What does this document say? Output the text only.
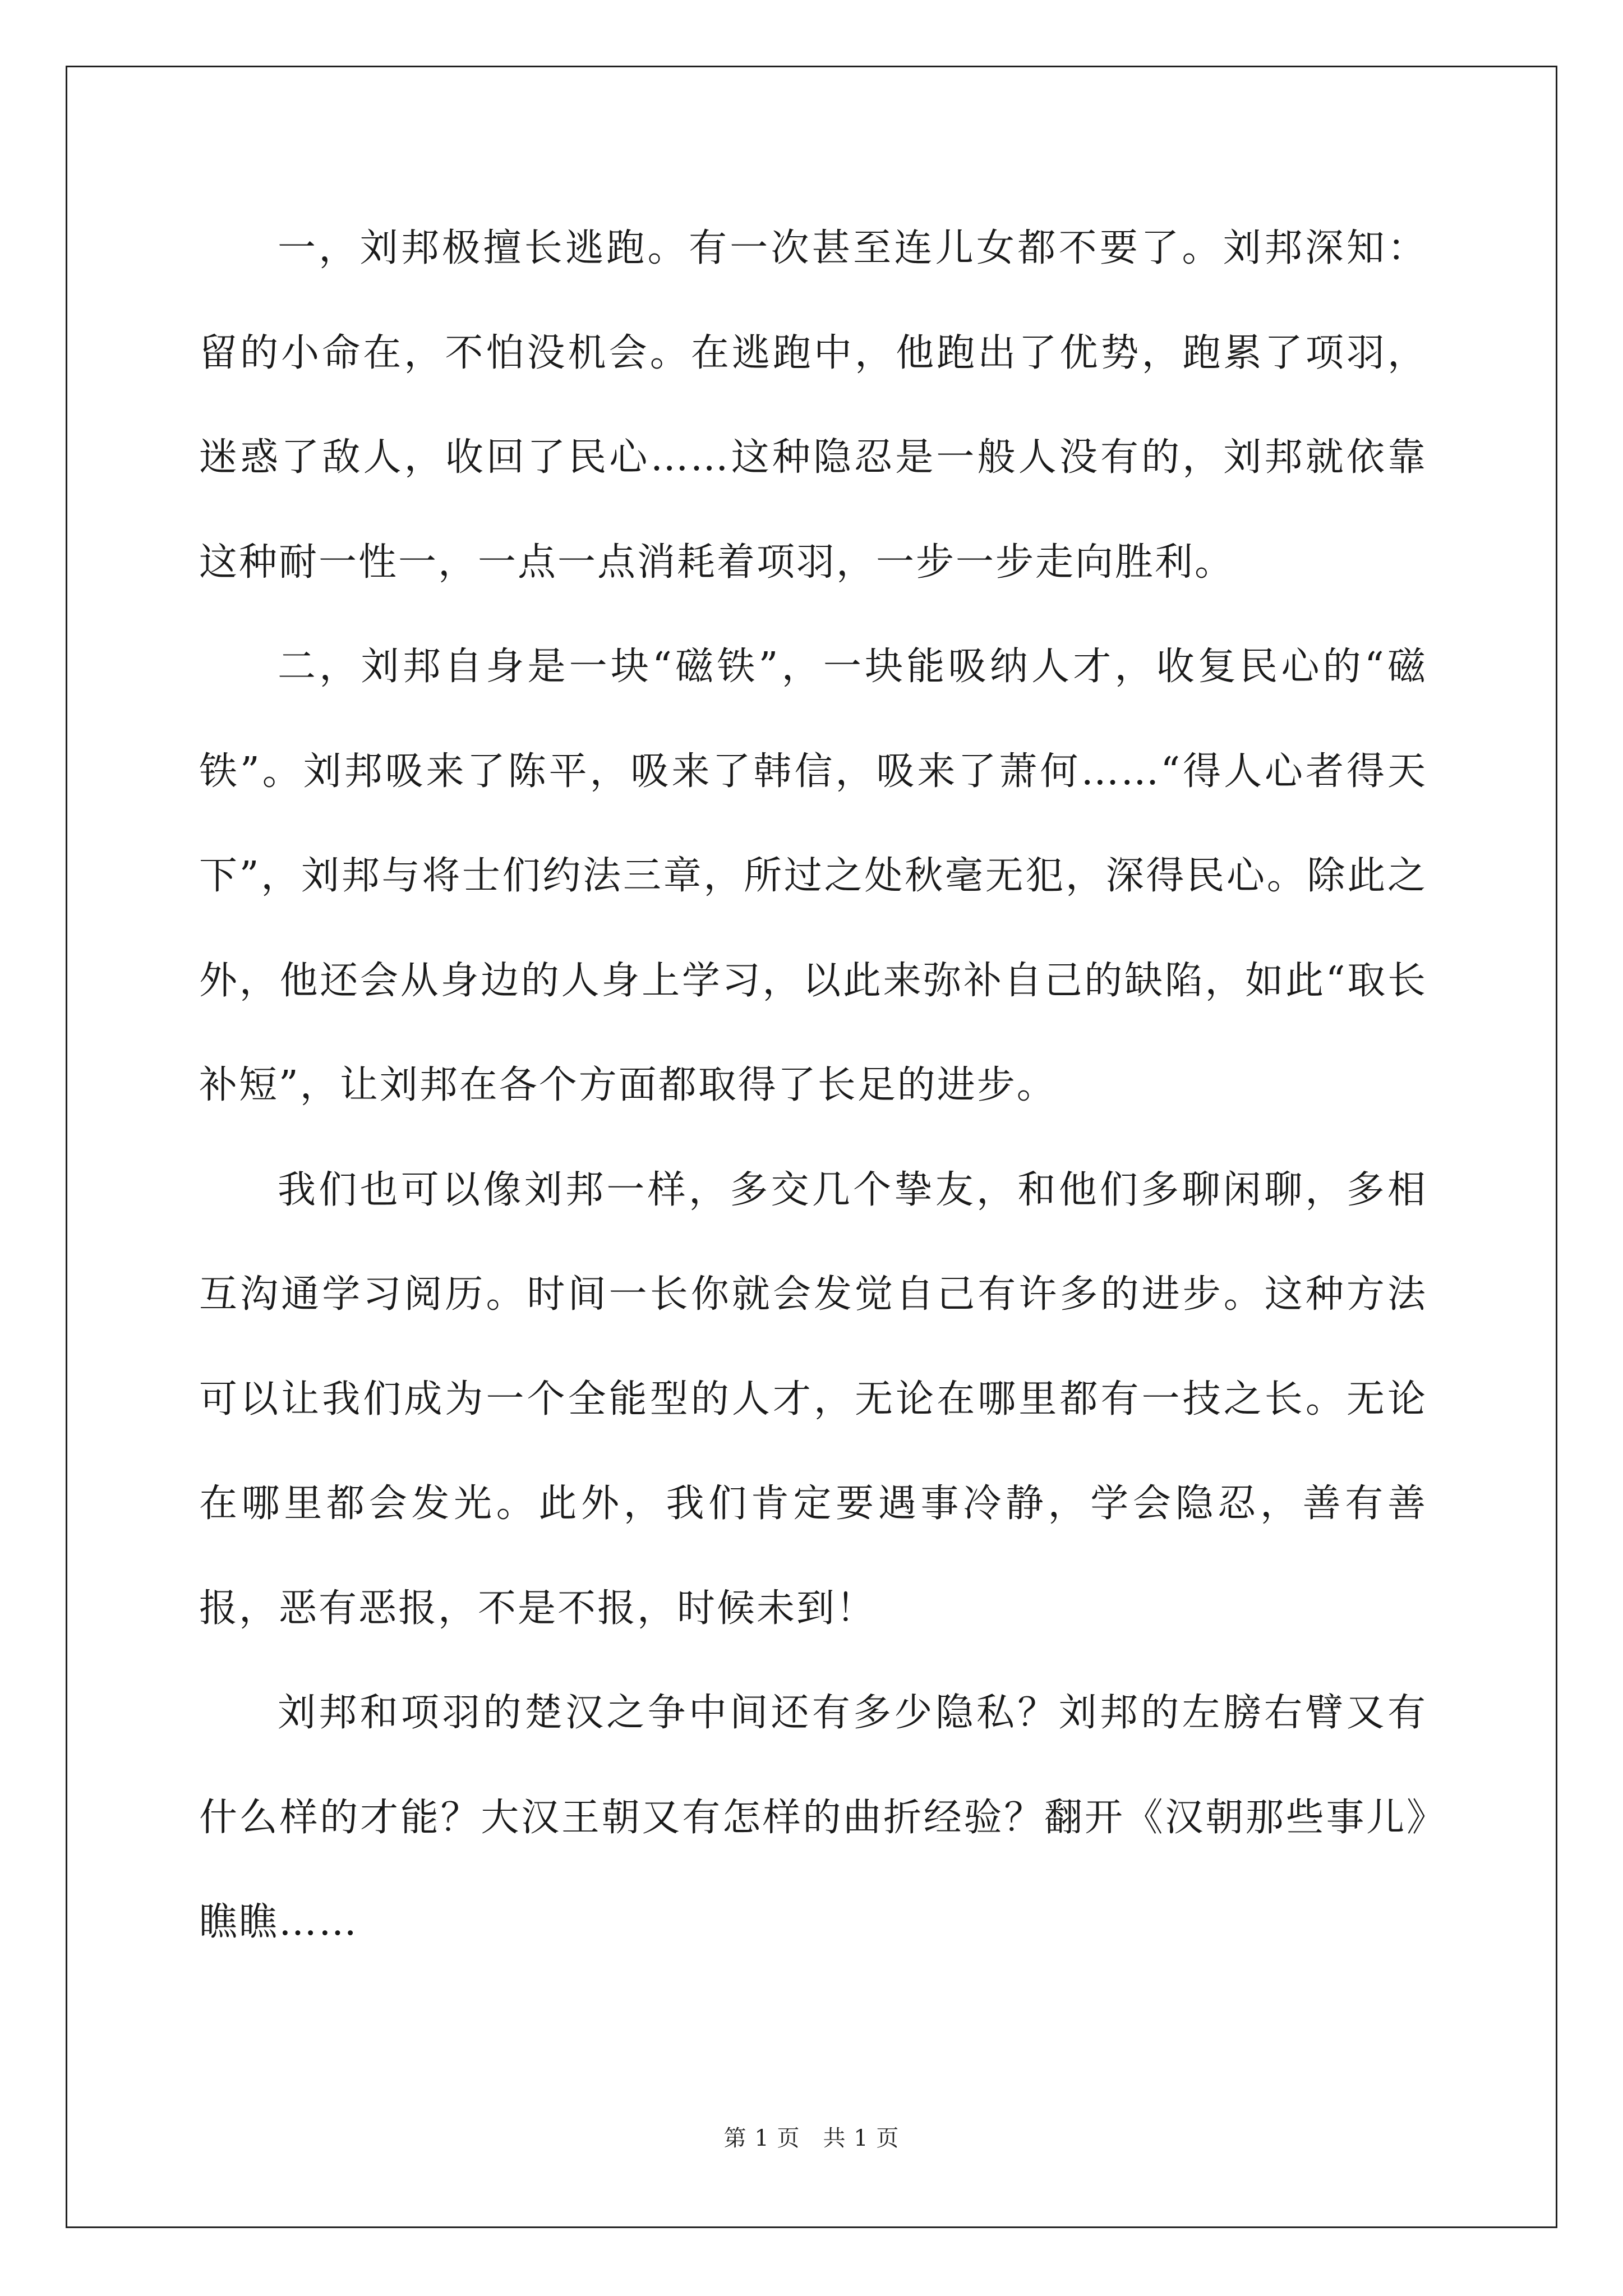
一，刘邦极擅长逃跑。有一次甚至连儿女都不要了。刘邦深知：留的小命在，不怕没机会。在逃跑中，他跑出了优势，跑累了项羽，迷惑了敌人，收回了民心……这种隐忍是一般人没有的，刘邦就依靠这种耐一性一，一点一点消耗着项羽，一步一步走向胜利。

二，刘邦自身是一块“磁铁”，一块能吸纳人才，收复民心的“磁铁”。刘邦吸来了陈平，吸来了韩信，吸来了萧何……“得人心者得天下”，刘邦与将士们约法三章，所过之处秋毫无犯，深得民心。除此之外，他还会从身边的人身上学习，以此来弥补自己的缺陷，如此“取长补短”，让刘邦在各个方面都取得了长足的进步。

我们也可以像刘邦一样，多交几个挚友，和他们多聊闲聊，多相互沟通学习阅历。时间一长你就会发觉自己有许多的进步。这种方法可以让我们成为一个全能型的人才，无论在哪里都有一技之长。无论在哪里都会发光。此外，我们肯定要遇事冷静，学会隐忍，善有善报，恶有恶报，不是不报，时候未到！

刘邦和项羽的楚汉之争中间还有多少隐私？刘邦的左膀右臂又有什么样的才能？大汉王朝又有怎样的曲折经验？翻开《汉朝那些事儿》瞧瞧……

第 1 页　共 1 页
